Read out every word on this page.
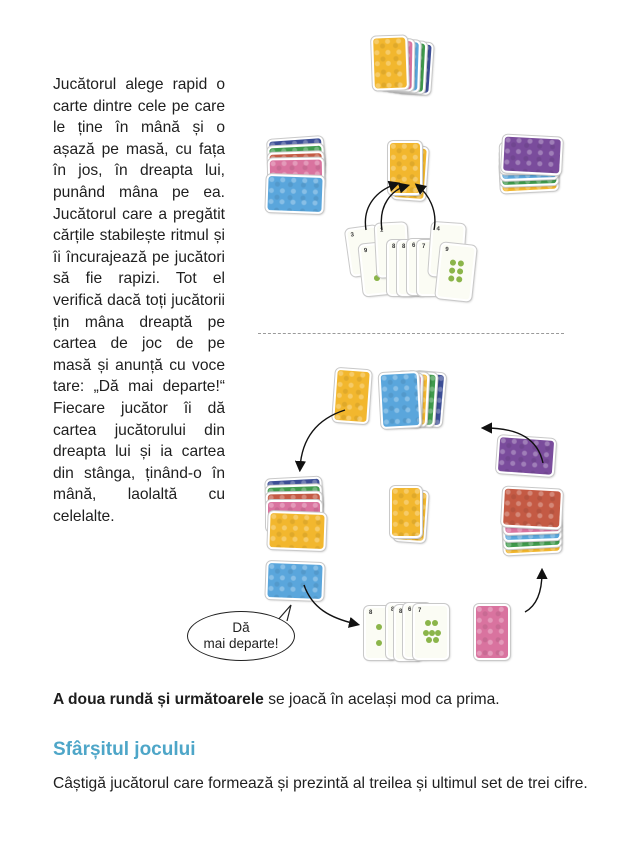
Jucătorul alege rapid o carte dintre cele pe care le ține în mână și o așază pe masă, cu fața în jos, în dreapta lui, punând mâna pe ea. Jucătorul care a pregătit cărțile stabilește ritmul și îi încurajează pe jucători să fie rapizi. Tot el verifică dacă toți jucătorii țin mâna dreaptă pe cartea de joc de pe masă și anunță cu voce tare: „Dă mai departe!“ Fiecare jucător îi dă cartea jucătorului din dreapta lui și ia cartea din stânga, ținând-o în mână, laolaltă cu celelalte.

3
9
1
8 8 6 7
4
9
8	8 8 6 7
Dă
mai departe!
A doua rundă și următoarele se joacă în același mod ca prima.
Sfârșitul jocului
Câștigă jucătorul care formează și prezintă al treilea și ultimul set de trei cifre.
